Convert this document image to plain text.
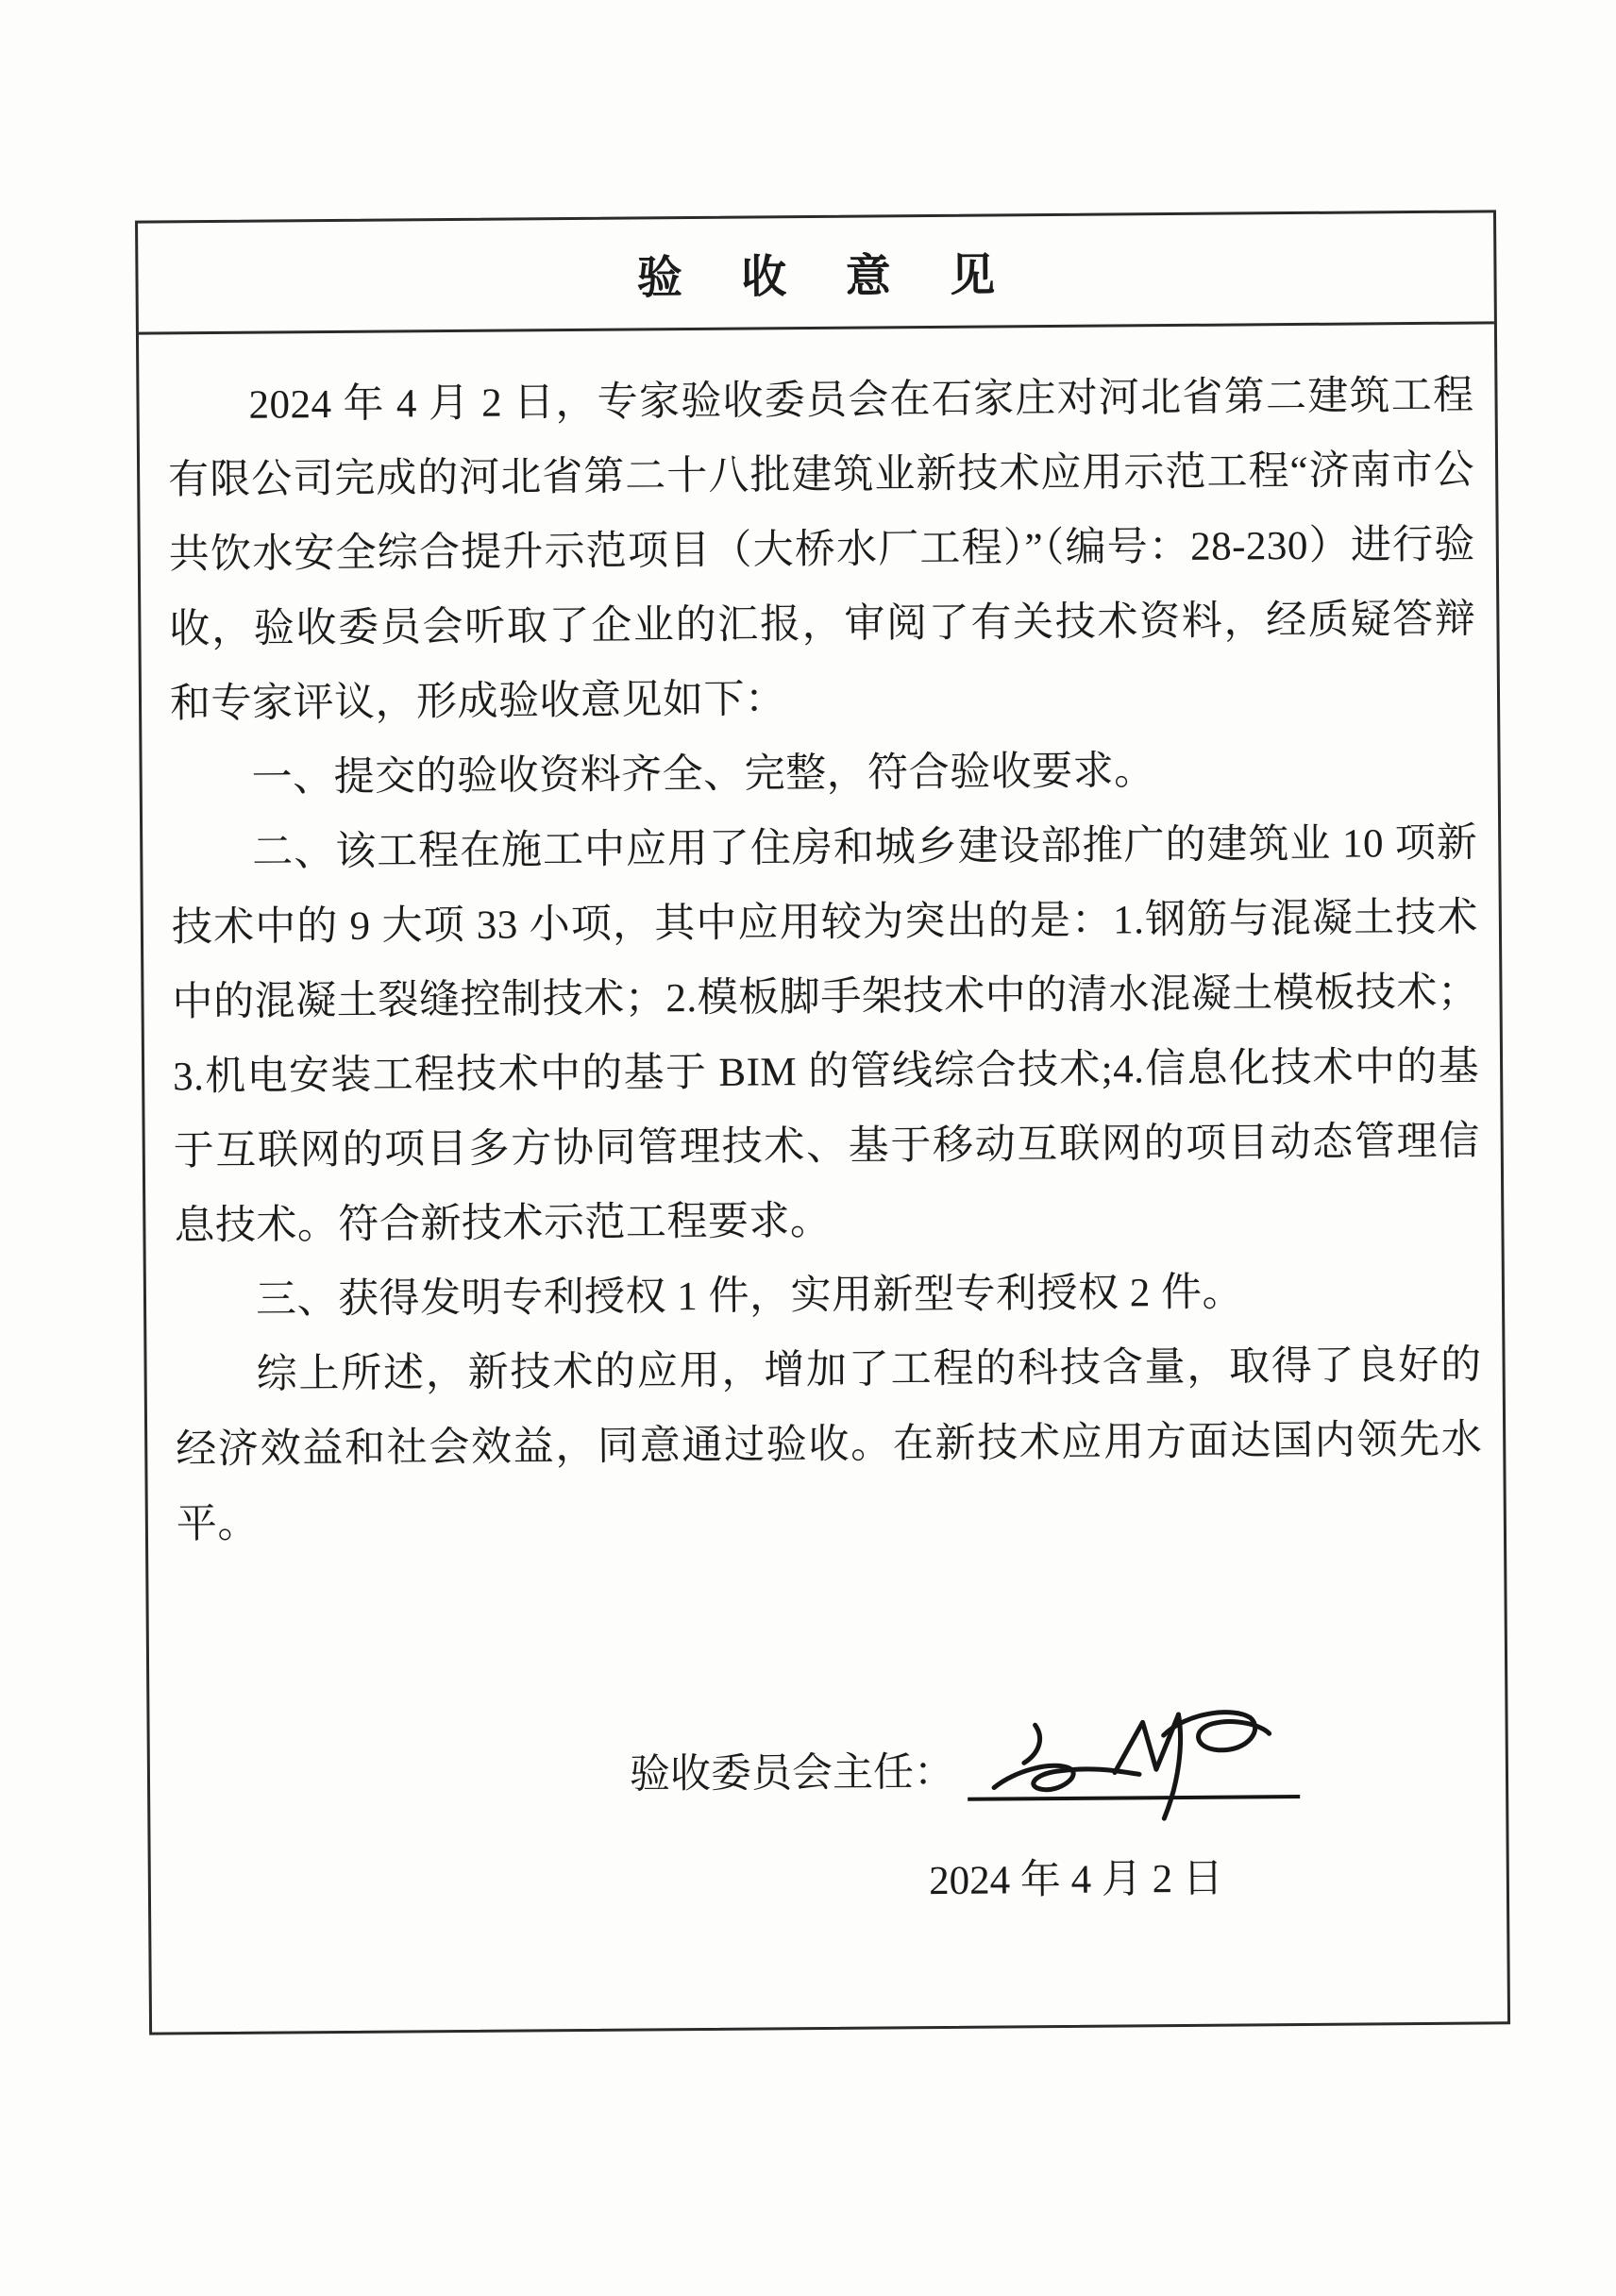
验收意见

2024 年 4 月 2 日，专家验收委员会在石家庄对河北省第二建筑工程有限公司完成的河北省第二十八批建筑业新技术应用示范工程“济南市公共饮水安全综合提升示范项目（大桥水厂工程）”（编号：28-230）进行验收，验收委员会听取了企业的汇报，审阅了有关技术资料，经质疑答辩和专家评议，形成验收意见如下：

一、提交的验收资料齐全、完整，符合验收要求。

二、该工程在施工中应用了住房和城乡建设部推广的建筑业 10 项新技术中的 9 大项 33 小项，其中应用较为突出的是：1.钢筋与混凝土技术中的混凝土裂缝控制技术；2.模板脚手架技术中的清水混凝土模板技术；3.机电安装工程技术中的基于 BIM 的管线综合技术;4.信息化技术中的基于互联网的项目多方协同管理技术、基于移动互联网的项目动态管理信息技术。符合新技术示范工程要求。

三、获得发明专利授权 1 件，实用新型专利授权 2 件。

综上所述，新技术的应用，增加了工程的科技含量，取得了良好的经济效益和社会效益，同意通过验收。在新技术应用方面达国内领先水平。

验收委员会主任：
2024 年 4 月 2 日
